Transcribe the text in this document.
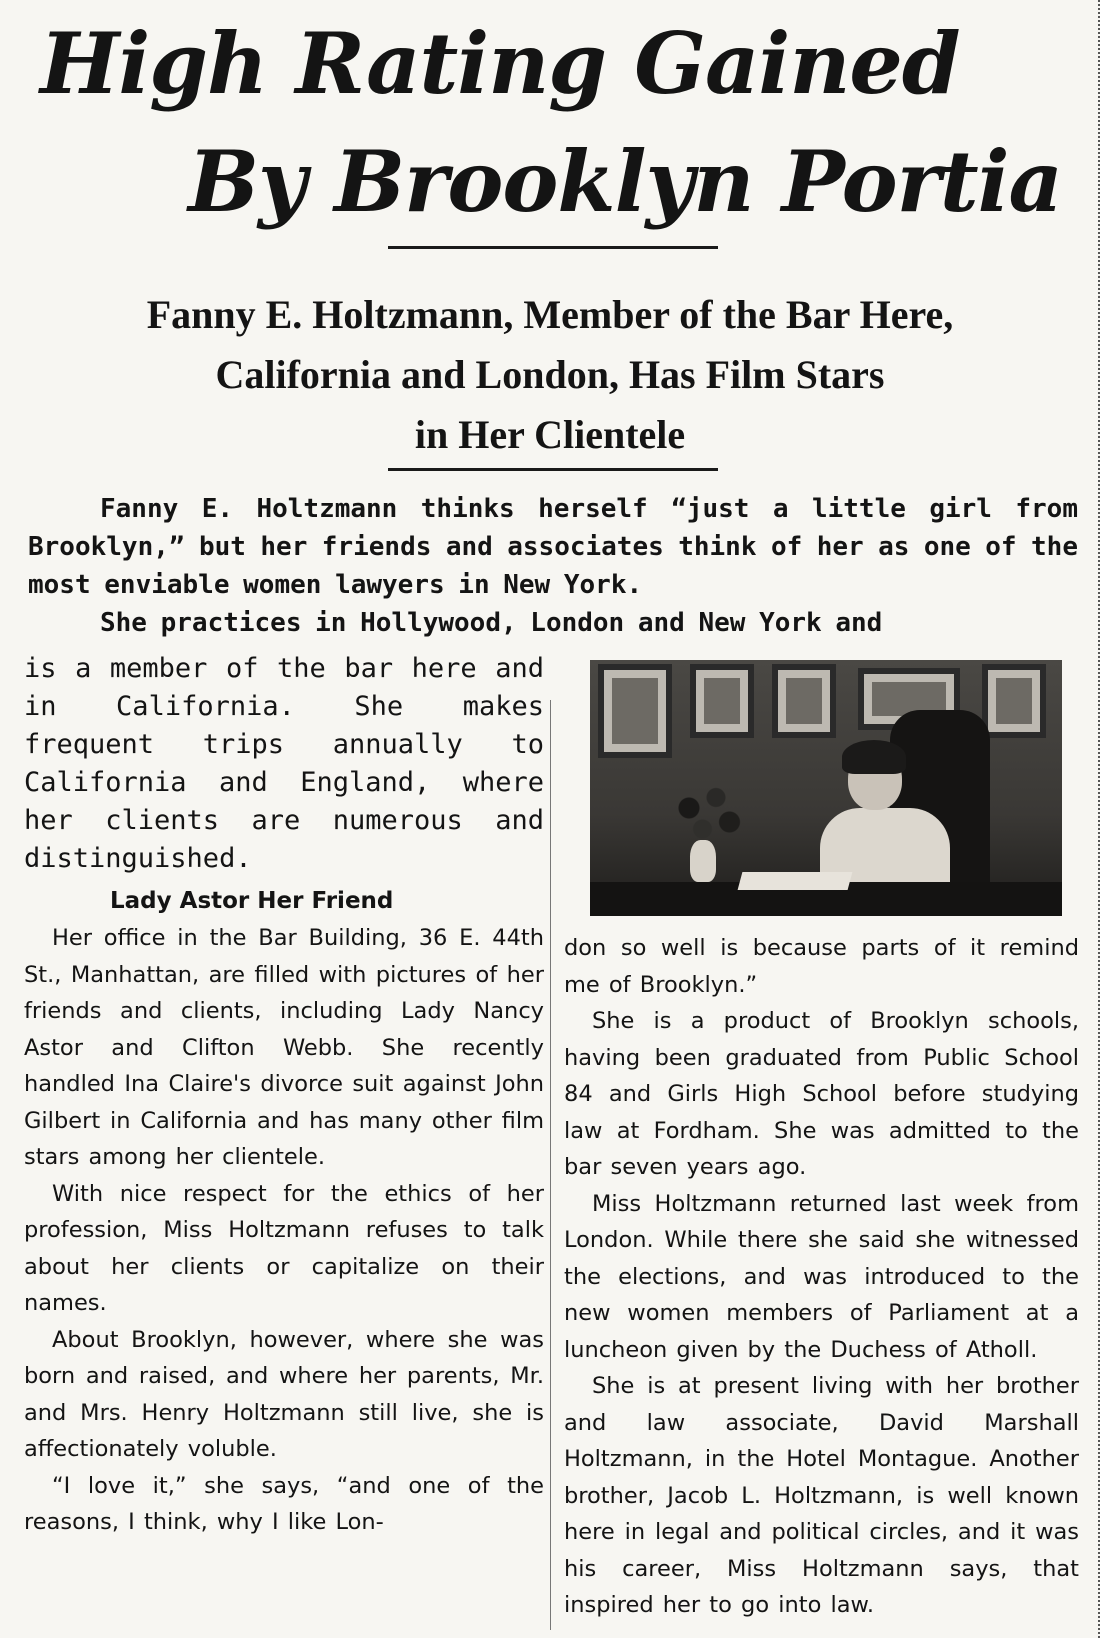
High Rating Gained
By Brooklyn Portia
Fanny E. Holtzmann, Member of the Bar Here,
California and London, Has Film Stars
in Her Clientele

Fanny E. Holtzmann thinks herself “just a little girl from Brooklyn,” but her friends and associates think of her as one of the most enviable women lawyers in New York.

She practices in Hollywood, London and New York and

is a member of the bar here and in California. She makes frequent trips annually to California and England, where her clients are numerous and distinguished.

Lady Astor Her Friend

Her office in the Bar Building, 36 E. 44th St., Manhattan, are filled with pictures of her friends and clients, including Lady Nancy Astor and Clifton Webb. She recently handled Ina Claire's divorce suit against John Gilbert in California and has many other film stars among her clientele.

With nice respect for the ethics of her profession, Miss Holtzmann refuses to talk about her clients or capitalize on their names.

About Brooklyn, however, where she was born and raised, and where her parents, Mr. and Mrs. Henry Holtzmann still live, she is affectionately voluble.

“I love it,” she says, “and one of the reasons, I think, why I like Lon-

don so well is because parts of it remind me of Brooklyn.”

She is a product of Brooklyn schools, having been graduated from Public School 84 and Girls High School before studying law at Fordham. She was admitted to the bar seven years ago.

Miss Holtzmann returned last week from London. While there she said she witnessed the elections, and was introduced to the new women members of Parliament at a luncheon given by the Duchess of Atholl.

She is at present living with her brother and law associate, David Marshall Holtzmann, in the Hotel Montague. Another brother, Jacob L. Holtzmann, is well known here in legal and political circles, and it was his career, Miss Holtzmann says, that inspired her to go into law.
